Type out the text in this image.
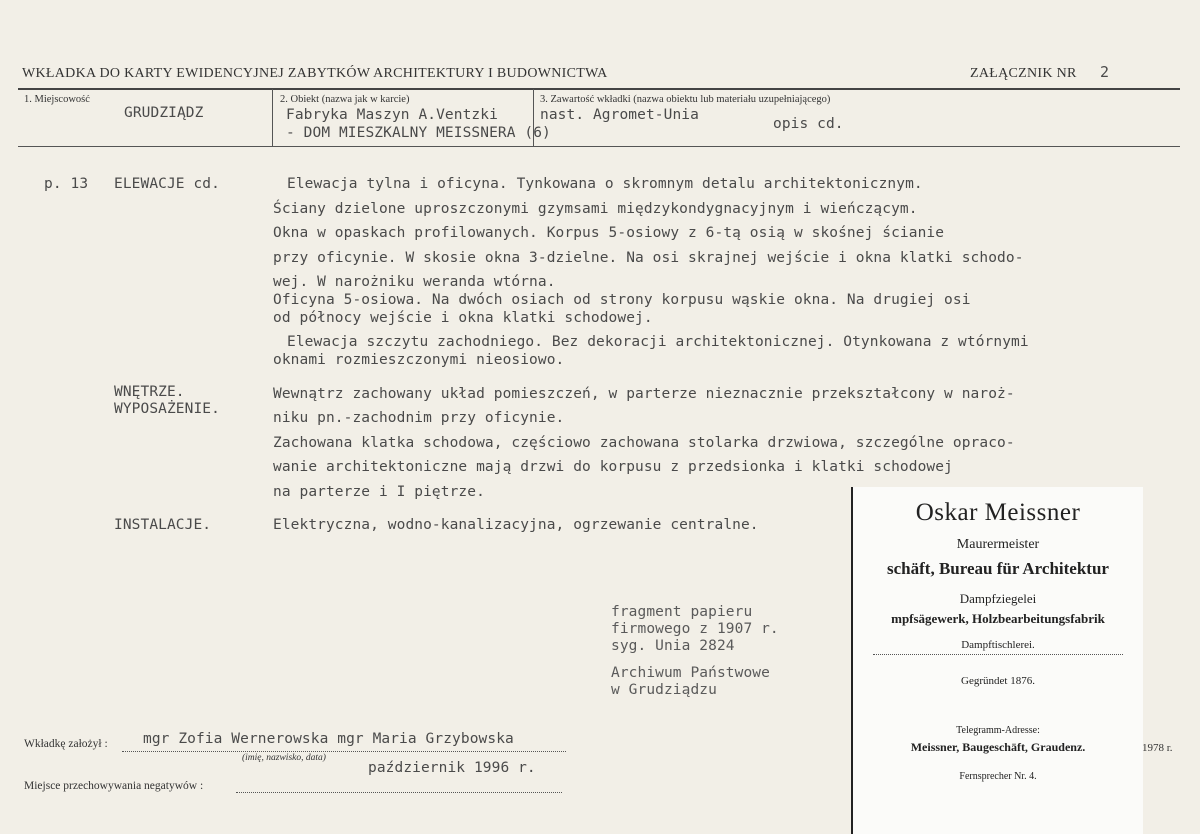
WKŁADKA DO KARTY EWIDENCYJNEJ ZABYTKÓW ARCHITEKTURY I BUDOWNICTWA	ZAŁĄCZNIK NR 2
1. Miejscowość
GRUDZIĄDZ
2. Obiekt (nazwa jak w karcie)
Fabryka Maszyn A.Ventzki
- DOM MIESZKALNY MEISSNERA (6)
3. Zawartość wkładki (nazwa obiektu lub materiału uzupełniającego)
nast. Agromet-Unia
opis cd.
p. 13 ELEWACJE cd.	Elewacja tylna i oficyna. Tynkowana o skromnym detalu architektonicznym.
Ściany dzielone uproszczonymi gzymsami międzykondygnacyjnym i wieńczącym.
Okna w opaskach profilowanych. Korpus 5-osiowy z 6-tą osią w skośnej ścianie
przy oficynie. W skosie okna 3-dzielne. Na osi skrajnej wejście i okna klatki schodo-
wej. W narożniku weranda wtórna.
Oficyna 5-osiowa. Na dwóch osiach od strony korpusu wąskie okna. Na drugiej osi
od północy wejście i okna klatki schodowej.
Elewacja szczytu zachodniego. Bez dekoracji architektonicznej. Otynkowana z wtórnymi
oknami rozmieszczonymi nieosiowo.
WNĘTRZE.
WYPOSAŻENIE.
Wewnątrz zachowany układ pomieszczeń, w parterze nieznacznie przekształcony w naroż-
niku pn.-zachodnim przy oficynie.
Zachowana klatka schodowa, częściowo zachowana stolarka drzwiowa, szczególne opraco-
wanie architektoniczne mają drzwi do korpusu z przedsionka i klatki schodowej
na parterze i I piętrze.
INSTALACJE.	Elektryczna, wodno-kanalizacyjna, ogrzewanie centralne.
fragment papieru
firmowego z 1907 r.
syg. Unia 2824
Archiwum Państwowe
w Grudziądzu
Oskar Meissner
Maurermeister
schäft, Bureau für Architektur
Dampfziegelei
mpfsägewerk, Holzbearbeitungsfabrik
Dampftischlerei.
Gegründet 1876.
Telegramm-Adresse:
Meissner, Baugeschäft, Graudenz.
Fernsprecher Nr. 4.
1978 r.
Wkładkę założył : mgr Zofia Wernerowska mgr Maria Grzybowska
(imię, nazwisko, data)
październik 1996 r.
Miejsce przechowywania negatywów :
